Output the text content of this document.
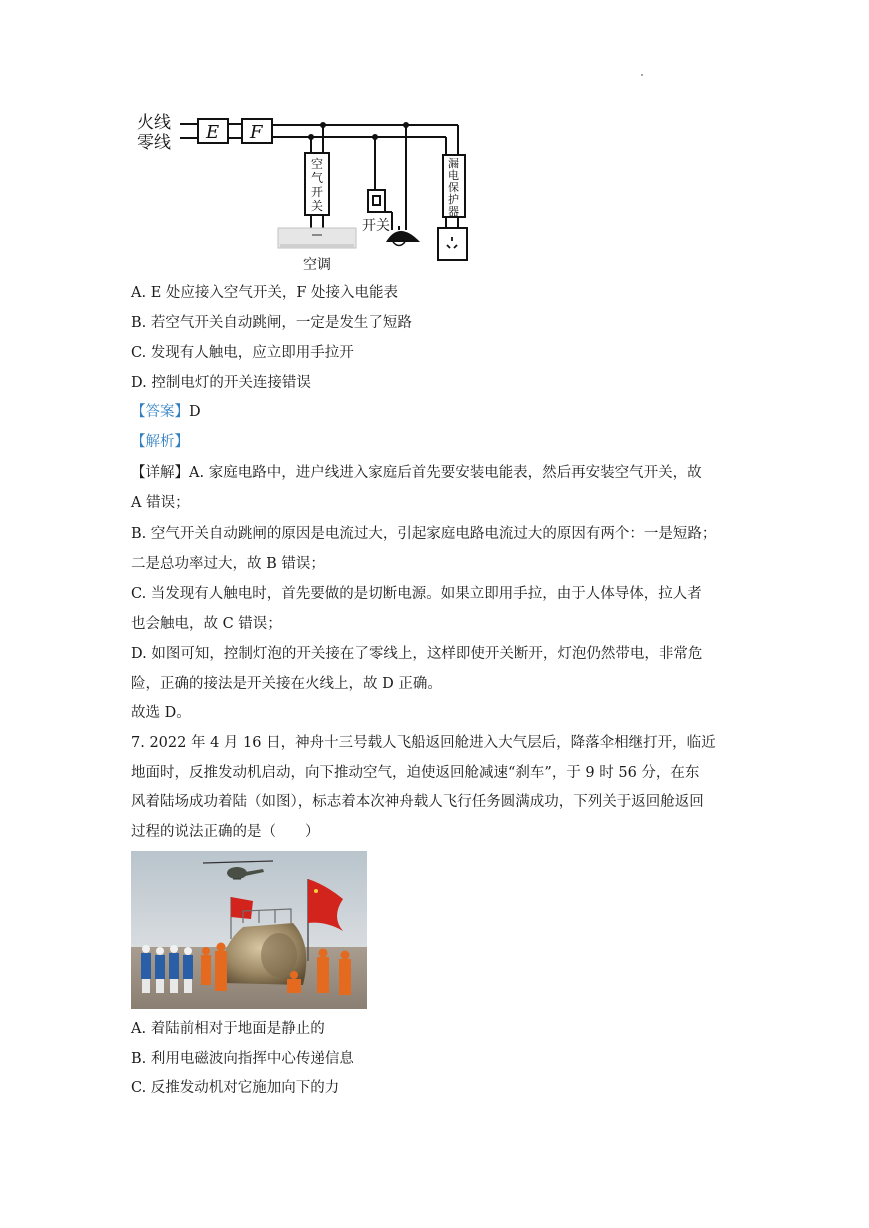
火线
零线 E F
空
气
开
关
漏
电
保
护
器
开关
空调
A. E 处应接入空气开关，F 处接入电能表
B. 若空气开关自动跳闸，一定是发生了短路
C. 发现有人触电，应立即用手拉开
D. 控制电灯的开关连接错误
【答案】D
【解析】
【详解】A. 家庭电路中，进户线进入家庭后首先要安装电能表，然后再安装空气开关，故
A 错误；
B. 空气开关自动跳闸的原因是电流过大，引起家庭电路电流过大的原因有两个：一是短路；
二是总功率过大，故 B 错误；
C. 当发现有人触电时，首先要做的是切断电源。如果立即用手拉，由于人体导体，拉人者
也会触电，故 C 错误；
D. 如图可知，控制灯泡的开关接在了零线上，这样即使开关断开，灯泡仍然带电，非常危
险，正确的接法是开关接在火线上，故 D 正确。
故选 D。
7. 2022 年 4 月 16 日，神舟十三号载人飞船返回舱进入大气层后，降落伞相继打开，临近
地面时，反推发动机启动，向下推动空气，迫使返回舱减速“刹车”，于 9 时 56 分，在东
风着陆场成功着陆（如图），标志着本次神舟载人飞行任务圆满成功，下列关于返回舱返回
过程的说法正确的是（　　）
A. 着陆前相对于地面是静止的
B. 利用电磁波向指挥中心传递信息
C. 反推发动机对它施加向下的力
